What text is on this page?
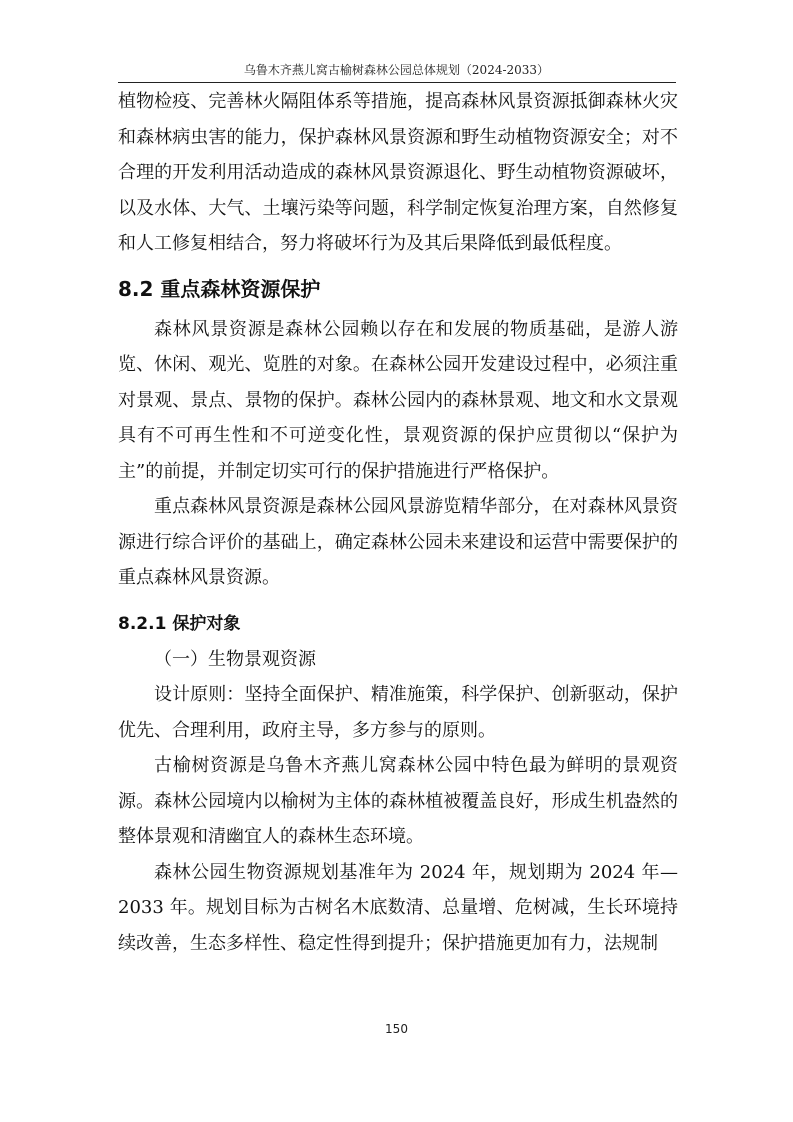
乌鲁木齐燕儿窝古榆树森林公园总体规划（2024-2033）

植物检疫、完善林火隔阻体系等措施，提高森林风景资源抵御森林火灾和森林病虫害的能力，保护森林风景资源和野生动植物资源安全；对不合理的开发利用活动造成的森林风景资源退化、野生动植物资源破坏，以及水体、大气、土壤污染等问题，科学制定恢复治理方案，自然修复和人工修复相结合，努力将破坏行为及其后果降低到最低程度。

8.2 重点森林资源保护

森林风景资源是森林公园赖以存在和发展的物质基础，是游人游览、休闲、观光、览胜的对象。在森林公园开发建设过程中，必须注重对景观、景点、景物的保护。森林公园内的森林景观、地文和水文景观具有不可再生性和不可逆变化性，景观资源的保护应贯彻以“保护为主”的前提，并制定切实可行的保护措施进行严格保护。

重点森林风景资源是森林公园风景游览精华部分，在对森林风景资源进行综合评价的基础上，确定森林公园未来建设和运营中需要保护的重点森林风景资源。

8.2.1 保护对象

（一）生物景观资源

设计原则：坚持全面保护、精准施策，科学保护、创新驱动，保护优先、合理利用，政府主导，多方参与的原则。

古榆树资源是乌鲁木齐燕儿窝森林公园中特色最为鲜明的景观资源。森林公园境内以榆树为主体的森林植被覆盖良好，形成生机盎然的整体景观和清幽宜人的森林生态环境。

森林公园生物资源规划基准年为 2024 年，规划期为 2024 年—2033 年。规划目标为古树名木底数清、总量增、危树减，生长环境持续改善，生态多样性、稳定性得到提升；保护措施更加有力，法规制

150
